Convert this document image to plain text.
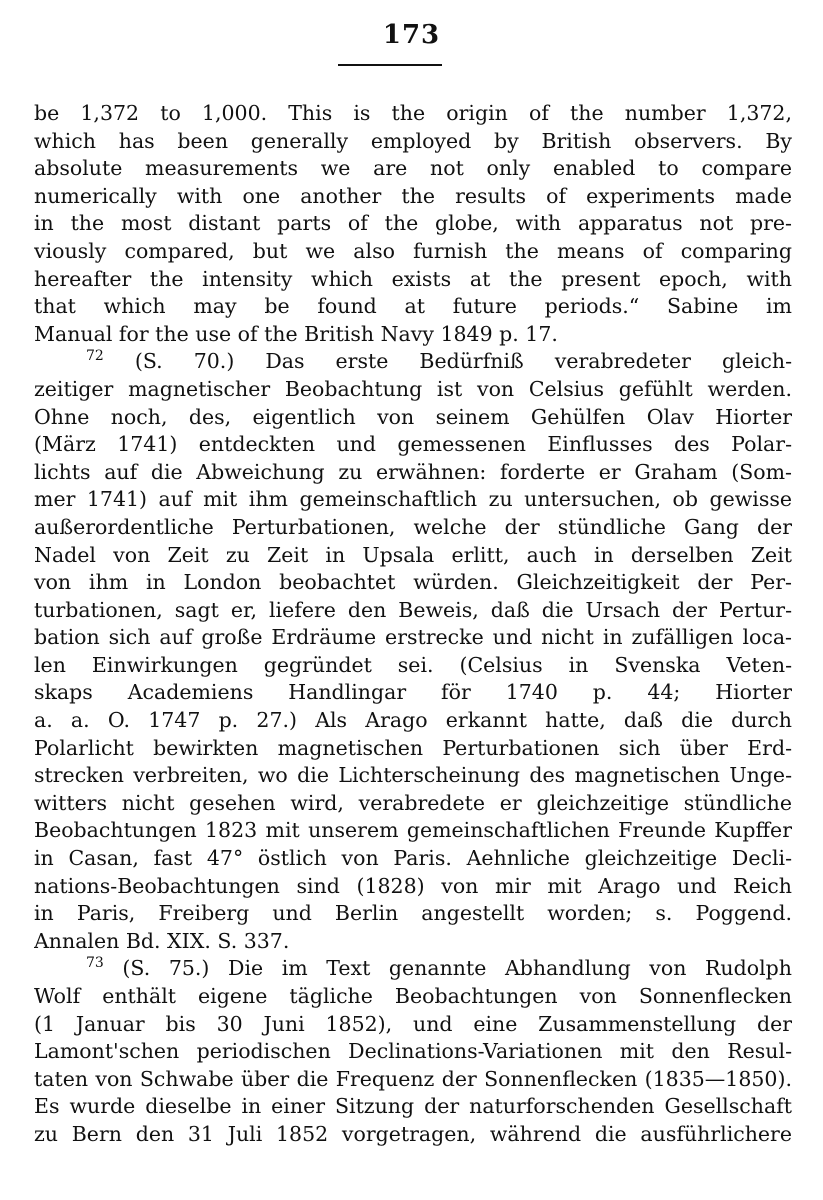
173
be 1,372 to 1,000. This is the origin of the number 1,372,
which has been generally employed by British observers. By
absolute measurements we are not only enabled to compare
numerically with one another the results of experiments made
in the most distant parts of the globe, with apparatus not pre-
viously compared, but we also furnish the means of comparing
hereafter the intensity which exists at the present epoch, with
that which may be found at future periods.“ Sabine im
Manual for the use of the British Navy 1849 p. 17.
$^{72}$ (S. 70.) Das erste Bedürfniß verabredeter gleich-
zeitiger magnetischer Beobachtung ist von Celsius gefühlt werden.
Ohne noch, des, eigentlich von seinem Gehülfen Olav Hiorter
(März 1741) entdeckten und gemessenen Einflusses des Polar-
lichts auf die Abweichung zu erwähnen: forderte er Graham (Som-
mer 1741) auf mit ihm gemeinschaftlich zu untersuchen, ob gewisse
außerordentliche Perturbationen, welche der stündliche Gang der
Nadel von Zeit zu Zeit in Upsala erlitt, auch in derselben Zeit
von ihm in London beobachtet würden. Gleichzeitigkeit der Per-
turbationen, sagt er, liefere den Beweis, daß die Ursach der Pertur-
bation sich auf große Erdräume erstrecke und nicht in zufälligen loca-
len Einwirkungen gegründet sei. (Celsius in Svenska Veten-
skaps Academiens Handlingar för 1740 p. 44; Hiorter
a. a. O. 1747 p. 27.) Als Arago erkannt hatte, daß die durch
Polarlicht bewirkten magnetischen Perturbationen sich über Erd-
strecken verbreiten, wo die Lichterscheinung des magnetischen Unge-
witters nicht gesehen wird, verabredete er gleichzeitige stündliche
Beobachtungen 1823 mit unserem gemeinschaftlichen Freunde Kupffer
in Casan, fast 47° östlich von Paris. Aehnliche gleichzeitige Decli-
nations-Beobachtungen sind (1828) von mir mit Arago und Reich
in Paris, Freiberg und Berlin angestellt worden; s. Poggend.
Annalen Bd. XIX. S. 337.
$^{73}$ (S. 75.) Die im Text genannte Abhandlung von Rudolph
Wolf enthält eigene tägliche Beobachtungen von Sonnenflecken
(1 Januar bis 30 Juni 1852), und eine Zusammenstellung der
Lamont'schen periodischen Declinations-Variationen mit den Resul-
taten von Schwabe über die Frequenz der Sonnenflecken (1835—1850).
Es wurde dieselbe in einer Sitzung der naturforschenden Gesellschaft
zu Bern den 31 Juli 1852 vorgetragen, während die ausführlichere
